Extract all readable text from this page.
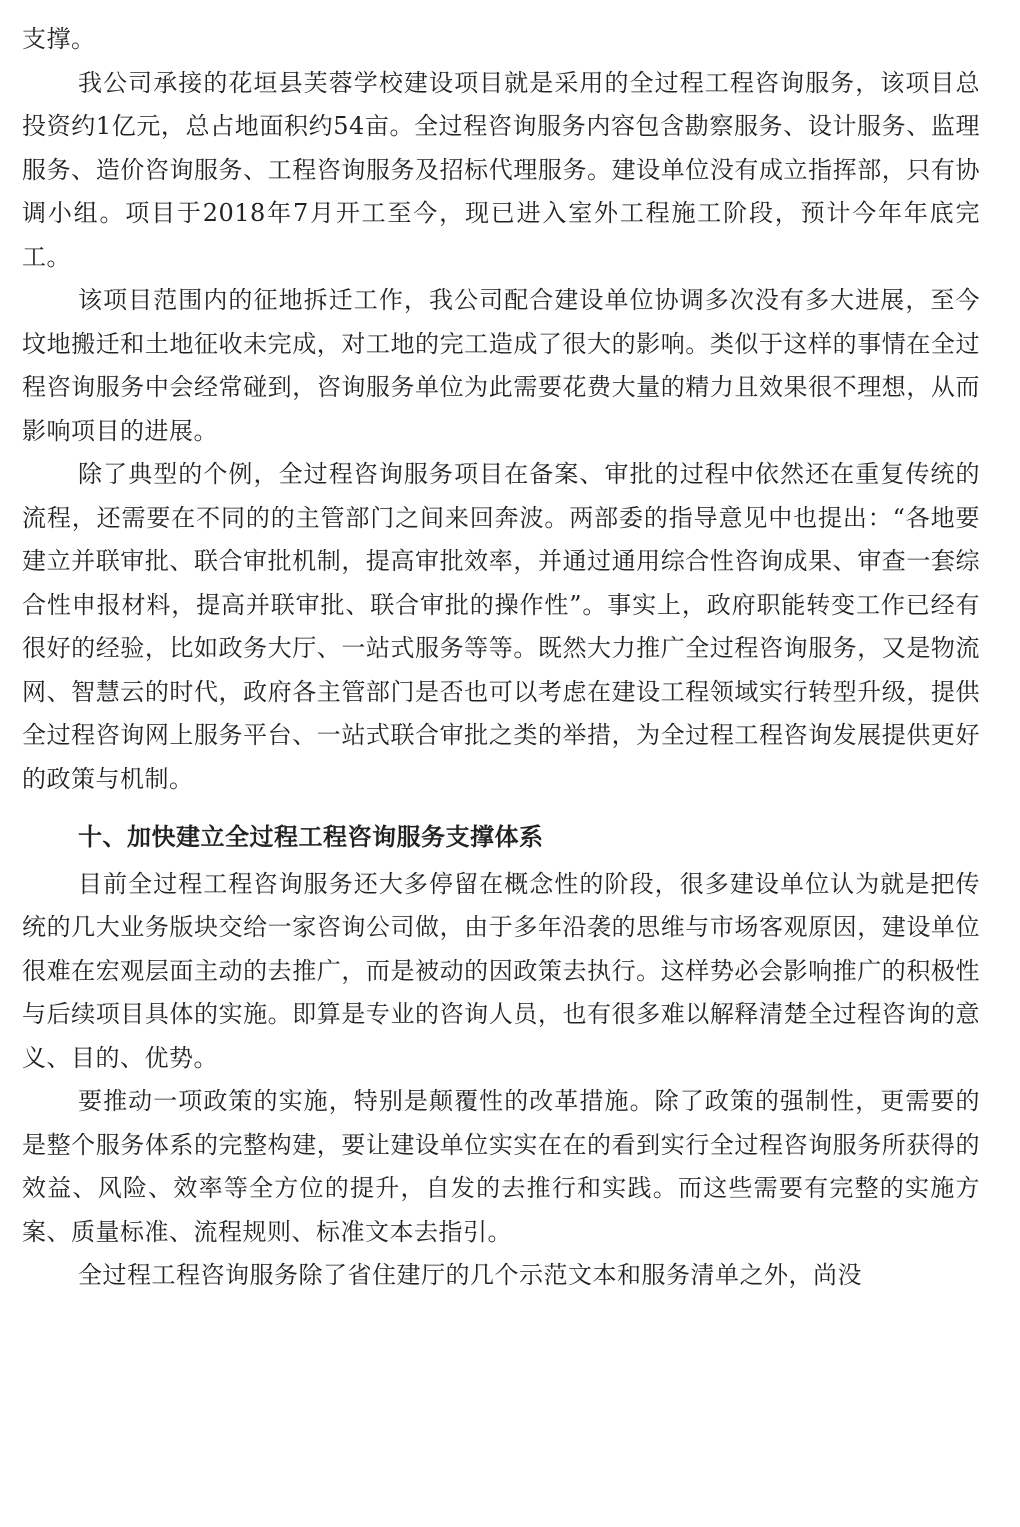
支撑。

我公司承接的花垣县芙蓉学校建设项目就是采用的全过程工程咨询服务，该项目总投资约1亿元，总占地面积约54亩。全过程咨询服务内容包含勘察服务、设计服务、监理服务、造价咨询服务、工程咨询服务及招标代理服务。建设单位没有成立指挥部，只有协调小组。项目于2018年7月开工至今，现已进入室外工程施工阶段，预计今年年底完工。

该项目范围内的征地拆迁工作，我公司配合建设单位协调多次没有多大进展，至今坟地搬迁和土地征收未完成，对工地的完工造成了很大的影响。类似于这样的事情在全过程咨询服务中会经常碰到，咨询服务单位为此需要花费大量的精力且效果很不理想，从而影响项目的进展。

除了典型的个例，全过程咨询服务项目在备案、审批的过程中依然还在重复传统的流程，还需要在不同的的主管部门之间来回奔波。两部委的指导意见中也提出：“各地要建立并联审批、联合审批机制，提高审批效率，并通过通用综合性咨询成果、审查一套综合性申报材料，提高并联审批、联合审批的操作性”。事实上，政府职能转变工作已经有很好的经验，比如政务大厅、一站式服务等等。既然大力推广全过程咨询服务，又是物流网、智慧云的时代，政府各主管部门是否也可以考虑在建设工程领域实行转型升级，提供全过程咨询网上服务平台、一站式联合审批之类的举措，为全过程工程咨询发展提供更好的政策与机制。

十、加快建立全过程工程咨询服务支撑体系

目前全过程工程咨询服务还大多停留在概念性的阶段，很多建设单位认为就是把传统的几大业务版块交给一家咨询公司做，由于多年沿袭的思维与市场客观原因，建设单位很难在宏观层面主动的去推广，而是被动的因政策去执行。这样势必会影响推广的积极性与后续项目具体的实施。即算是专业的咨询人员，也有很多难以解释清楚全过程咨询的意义、目的、优势。

要推动一项政策的实施，特别是颠覆性的改革措施。除了政策的强制性，更需要的是整个服务体系的完整构建，要让建设单位实实在在的看到实行全过程咨询服务所获得的效益、风险、效率等全方位的提升，自发的去推行和实践。而这些需要有完整的实施方案、质量标准、流程规则、标准文本去指引。

全过程工程咨询服务除了省住建厅的几个示范文本和服务清单之外，尚没
